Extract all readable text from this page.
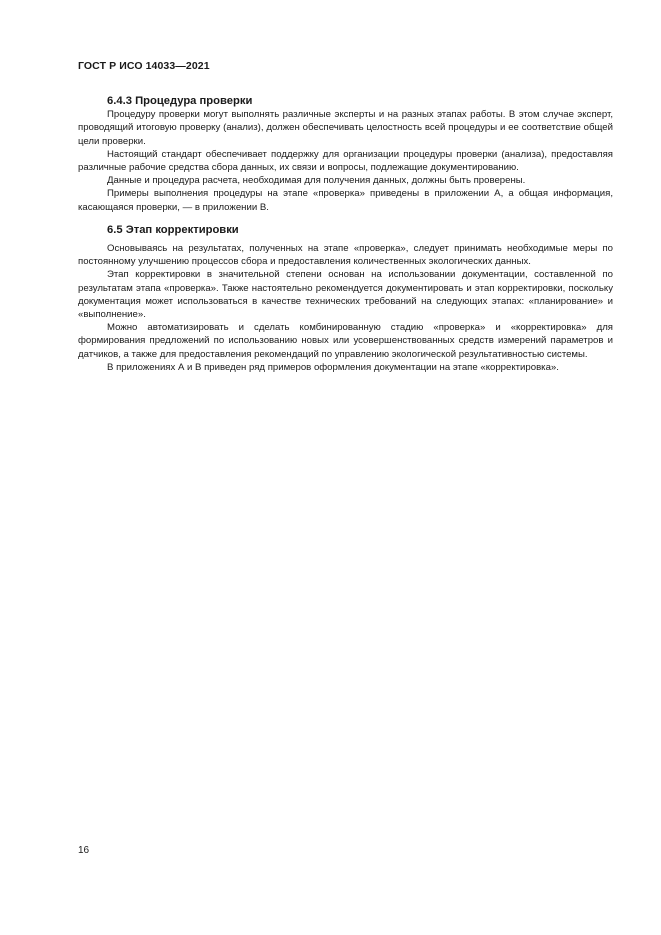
ГОСТ Р ИСО 14033—2021
6.4.3 Процедура проверки

Процедуру проверки могут выполнять различные эксперты и на разных этапах работы. В этом случае эксперт, проводящий итоговую проверку (анализ), должен обеспечивать целостность всей процедуры и ее соответствие общей цели проверки.

Настоящий стандарт обеспечивает поддержку для организации процедуры проверки (анализа), предоставляя различные рабочие средства сбора данных, их связи и вопросы, подлежащие документированию.

Данные и процедура расчета, необходимая для получения данных, должны быть проверены.

Примеры выполнения процедуры на этапе «проверка» приведены в приложении А, а общая информация, касающаяся проверки, — в приложении В.

6.5 Этап корректировки

Основываясь на результатах, полученных на этапе «проверка», следует принимать необходимые меры по постоянному улучшению процессов сбора и предоставления количественных экологических данных.

Этап корректировки в значительной степени основан на использовании документации, составленной по результатам этапа «проверка». Также настоятельно рекомендуется документировать и этап корректировки, поскольку документация может использоваться в качестве технических требований на следующих этапах: «планирование» и «выполнение».

Можно автоматизировать и сделать комбинированную стадию «проверка» и «корректировка» для формирования предложений по использованию новых или усовершенствованных средств измерений параметров и датчиков, а также для предоставления рекомендаций по управлению экологической результативностью системы.

В приложениях А и В приведен ряд примеров оформления документации на этапе «корректировка».

16
